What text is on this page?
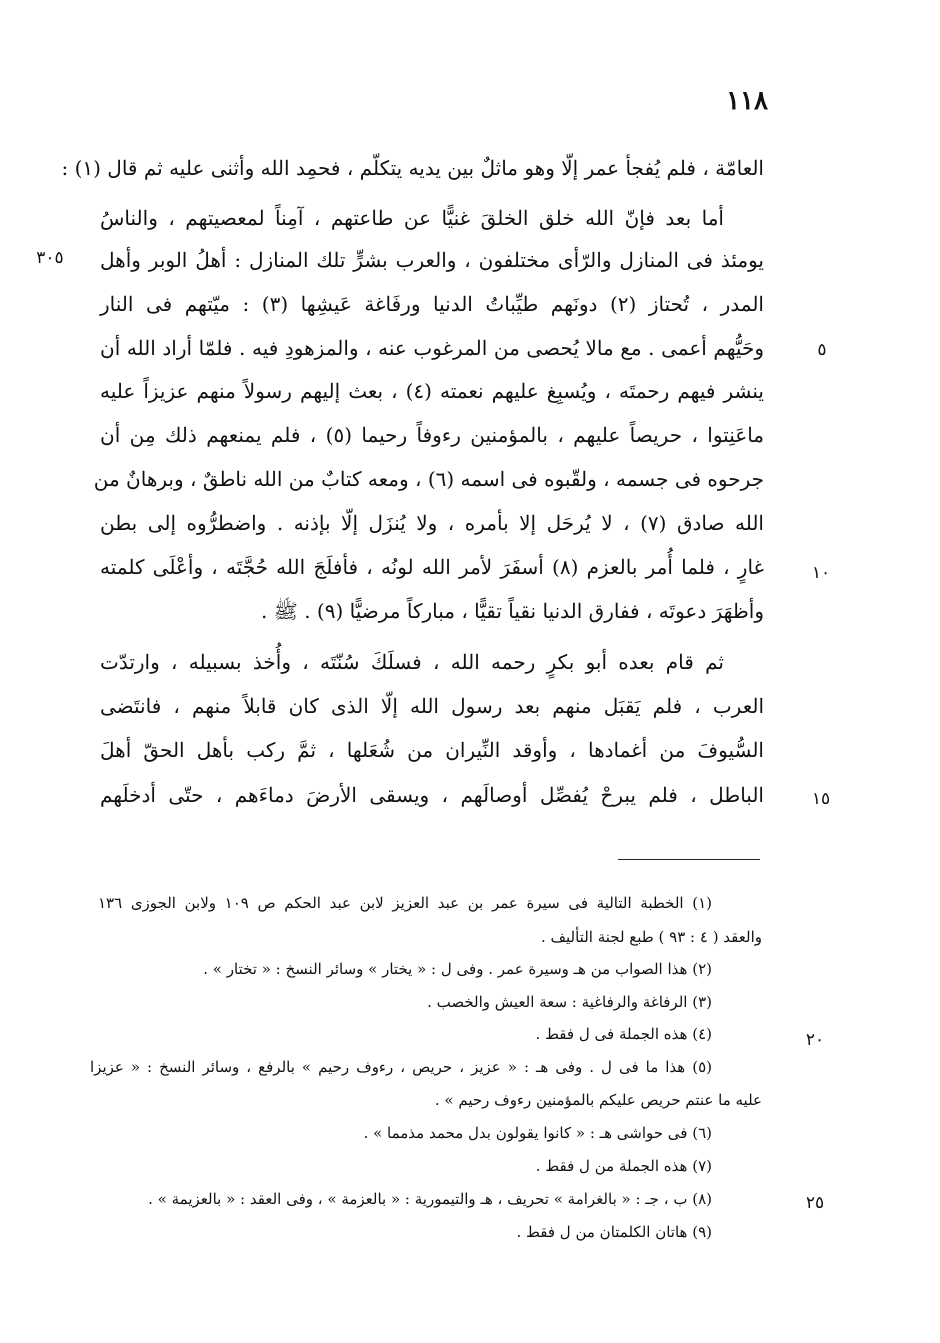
١١٨
العامّة ، فلم يُفجأ عمر إلّا وهو ماثلٌ بين يديه يتكلّم ، فحمِد الله وأثنى عليه ثم قال (١) :
أما بعد فإنّ الله خلق الخلقَ غنيًّا عن طاعتهم ، آمِناً لمعصيتهم ، والناسُ
يومئذ فى المنازل والرّأى مختلفون ، والعرب بشرٍّ تلك المنازل : أهلُ الوبر وأهل
المدر ، تُحتاز (٢) دونَهم طيِّباتُ الدنيا ورفَاغة عَيشِها (٣) : ميّتهم فى النار
وحَيُّهم أعمى . مع مالا يُحصى من المرغوب عنه ، والمزهودِ فيه . فلمّا أراد الله أن
ينشر فيهم رحمتَه ، ويُسبِغ عليهم نعمته (٤) ، بعث إليهم رسولاً منهم عزيزاً عليه
ماعَنِتوا ، حريصاً عليهم ، بالمؤمنين رءوفاً رحيما (٥) ، فلم يمنعهم ذلك مِن أن
جرحوه فى جسمه ، ولقّبوه فى اسمه (٦) ، ومعه كتابٌ من الله ناطقٌ ، وبرهانٌ من
الله صادق (٧) ، لا يُرحَل إلا بأمره ، ولا يُنزَل إلّا بإذنه . واضطرُّوه إلى بطن
غارٍ ، فلما أُمر بالعزم (٨) أسفَرَ لأمر الله لونُه ، فأفلَجَ الله حُجَّتَه ، وأعْلَى كلمته
وأظهَرَ دعوتَه ، ففارق الدنيا نقياً تقيًّا ، مباركاً مرضيًّا (٩) . ﷺ .
ثم قام بعده أبو بكرٍ رحمه الله ، فسلَكَ سُنّتَه ، وأُخذ بسبيله ، وارتدّت
العرب ، فلم يَقبَل منهم بعد رسول الله إلّا الذى كان قابلاً منهم ، فانتَضى
السُّيوفَ من أغمادها ، وأوقد النِّيران من شُعَلها ، ثمَّ ركب بأهل الحقّ أهلَ
الباطل ، فلم يبرحْ يُفصِّل أوصالَهم ، ويسقى الأرضَ دماءَهم ، حتّى أدخلَهم
٣٠٥
٥
١٠
١٥
٢٠
٢٥
(١) الخطبة التالية فى سيرة عمر بن عبد العزيز لابن عبد الحكم ص ١٠٩ ولابن الجوزى ١٣٦
والعقد ( ٤ : ٩٣ ) طبع لجنة التأليف .
(٢) هذا الصواب من هـ وسيرة عمر . وفى ل : « يختار » وسائر النسخ : « تختار » .
(٣) الرفاغة والرفاغية : سعة العيش والخصب .
(٤) هذه الجملة فى ل فقط .
(٥) هذا ما فى ل . وفى هـ : « عزيز ، حريص ، رءوف رحيم » بالرفع ، وسائر النسخ : « عزيزا
عليه ما عنتم حريص عليكم بالمؤمنين رءوف رحيم » .
(٦) فى حواشى هـ : « كانوا يقولون بدل محمد مذمما » .
(٧) هذه الجملة من ل فقط .
(٨) ب ، جـ : « بالغرامة » تحريف ، هـ والتيمورية : « بالعزمة » ، وفى العقد : « بالعزيمة » .
(٩) هاتان الكلمتان من ل فقط .
